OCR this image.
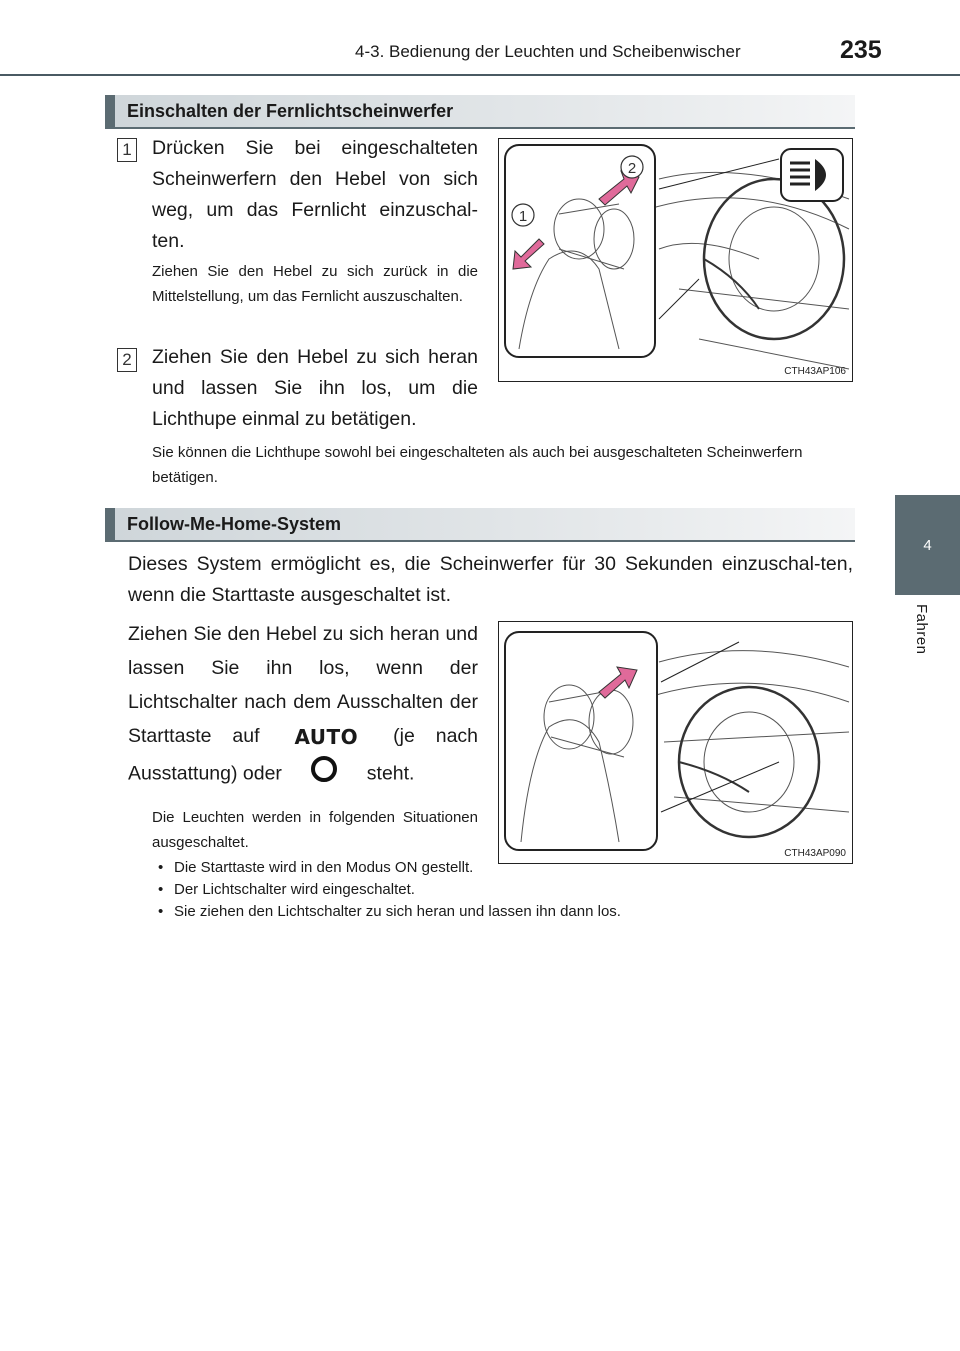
4-3. Bedienung der Leuchten und Scheibenwischer	235
4
Fahren
Einschalten der Fernlichtscheinwerfer
1 Drücken Sie bei eingeschalteten Scheinwerfern den Hebel von sich weg, um das Fernlicht einzuschal-ten.
Ziehen Sie den Hebel zu sich zurück in die Mittelstellung, um das Fernlicht auszuschalten.
2 Ziehen Sie den Hebel zu sich heran und lassen Sie ihn los, um die Lichthupe einmal zu betätigen.
Sie können die Lichthupe sowohl bei eingeschalteten als auch bei ausgeschalteten Scheinwerfern betätigen.
2
1
CTH43AP106
Follow-Me-Home-System
Dieses System ermöglicht es, die Scheinwerfer für 30 Sekunden einzuschal-ten, wenn die Starttaste ausgeschaltet ist.
Ziehen Sie den Hebel zu sich heran und lassen Sie ihn los, wenn der Lichtschalter nach dem Ausschalten der Starttaste auf AUTO (je nach Ausstattung) oder	steht.
Die Leuchten werden in folgenden Situationen ausgeschaltet.
• Die Starttaste wird in den Modus ON gestellt.
• Der Lichtschalter wird eingeschaltet.
• Sie ziehen den Lichtschalter zu sich heran und lassen ihn dann los.
CTH43AP090
